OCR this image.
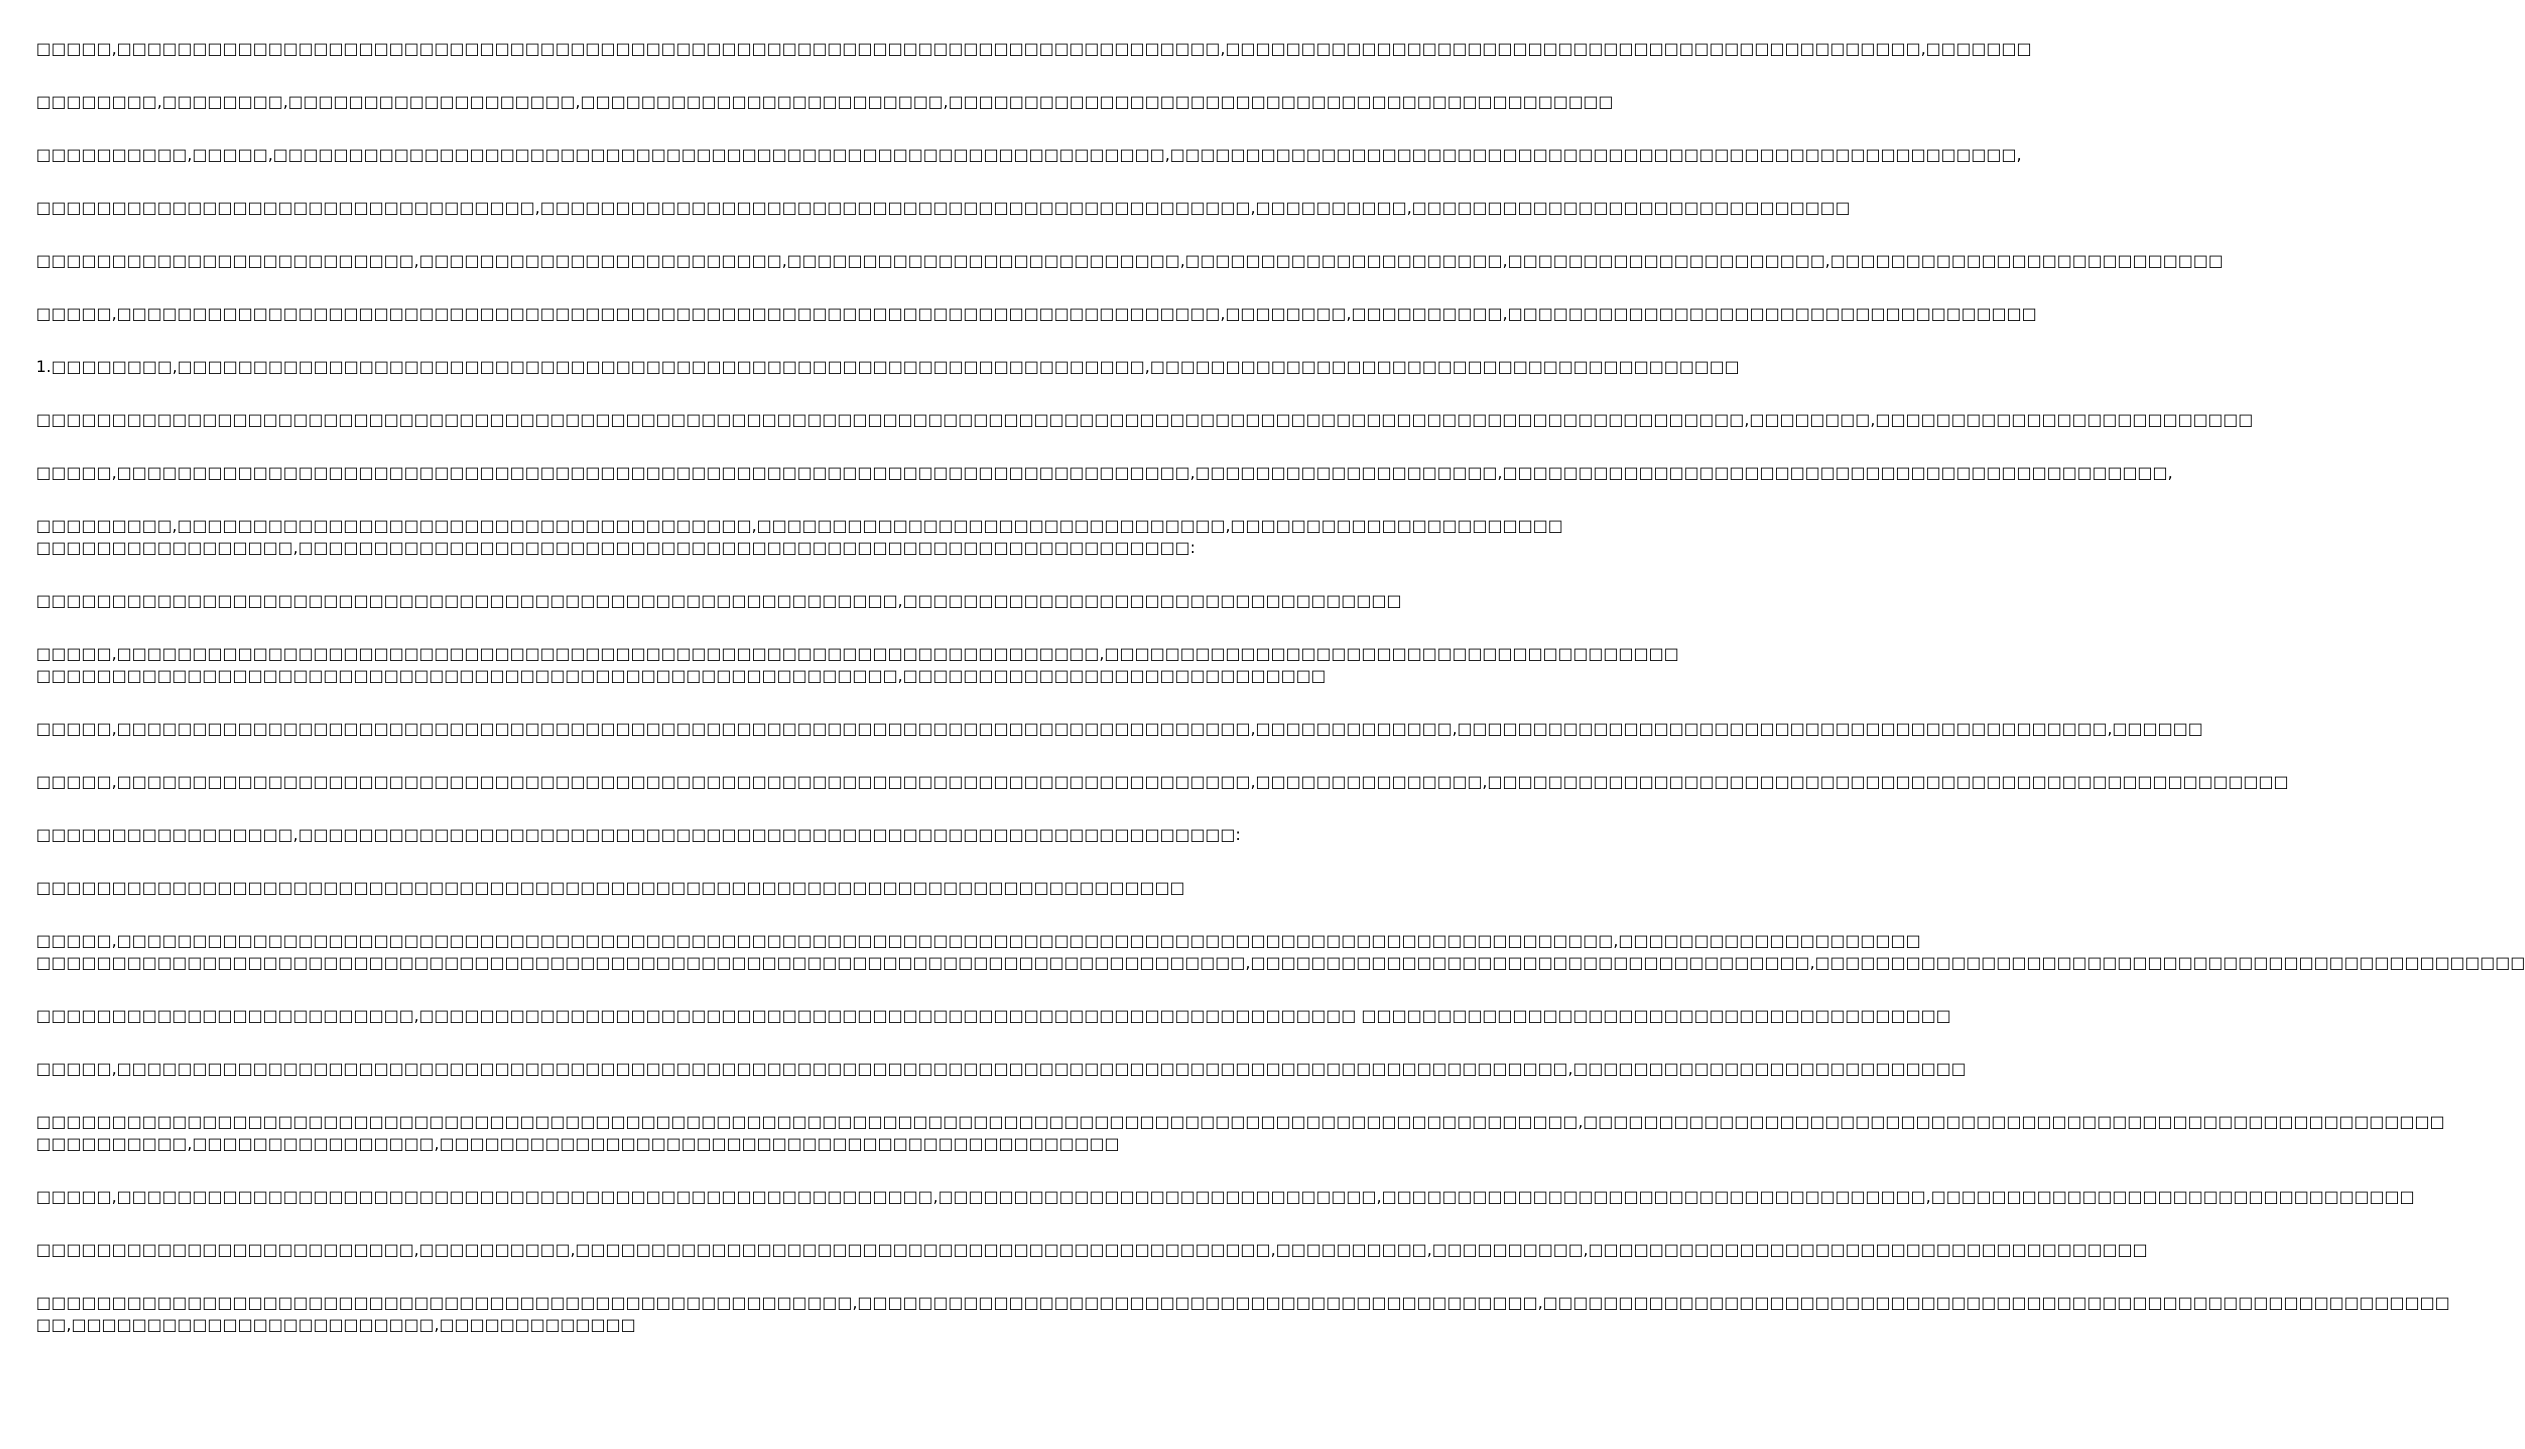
□□□□□,□□□□□□□□□□□□□□□□□□□□□□□□□□□□□□□□□□□□□□□□□□□□□□□□□□□□□□□□□□□□□□□□□□□□□□□□□,□□□□□□□□□□□□□□□□□□□□□□□□□□□□□□□□□□□□□□□□□□□□□□,□□□□□□□

□□□□□□□□,□□□□□□□□,□□□□□□□□□□□□□□□□□□□,□□□□□□□□□□□□□□□□□□□□□□□□,□□□□□□□□□□□□□□□□□□□□□□□□□□□□□□□□□□□□□□□□□□□□

□□□□□□□□□□,□□□□□,□□□□□□□□□□□□□□□□□□□□□□□□□□□□□□□□□□□□□□□□□□□□□□□□□□□□□□□□□□□,□□□□□□□□□□□□□□□□□□□□□□□□□□□□□□□□□□□□□□□□□□□□□□□□□□□□□□□□,

□□□□□□□□□□□□□□□□□□□□□□□□□□□□□□□□□,□□□□□□□□□□□□□□□□□□□□□□□□□□□□□□□□□□□□□□□□□□□□□□□,□□□□□□□□□□,□□□□□□□□□□□□□□□□□□□□□□□□□□□□□

□□□□□□□□□□□□□□□□□□□□□□□□□,□□□□□□□□□□□□□□□□□□□□□□□□,□□□□□□□□□□□□□□□□□□□□□□□□□□,□□□□□□□□□□□□□□□□□□□□□,□□□□□□□□□□□□□□□□□□□□□,□□□□□□□□□□□□□□□□□□□□□□□□□□

□□□□□,□□□□□□□□□□□□□□□□□□□□□□□□□□□□□□□□□□□□□□□□□□□□□□□□□□□□□□□□□□□□□□□□□□□□□□□□□,□□□□□□□□,□□□□□□□□□□,□□□□□□□□□□□□□□□□□□□□□□□□□□□□□□□□□□□

1.□□□□□□□□,□□□□□□□□□□□□□□□□□□□□□□□□□□□□□□□□□□□□□□□□□□□□□□□□□□□□□□□□□□□□□□□□,□□□□□□□□□□□□□□□□□□□□□□□□□□□□□□□□□□□□□□□

□□□□□□□□□□□□□□□□□□□□□□□□□□□□□□□□□□□□□□□□□□□□□□□□□□□□□□□□□□□□□□□□□□□□□□□□□□□□□□□□□□□□□□□□□□□□□□□□□□□□□□□□□□□□□□□□□,□□□□□□□□,□□□□□□□□□□□□□□□□□□□□□□□□□

□□□□□,□□□□□□□□□□□□□□□□□□□□□□□□□□□□□□□□□□□□□□□□□□□□□□□□□□□□□□□□□□□□□□□□□□□□□□□,□□□□□□□□□□□□□□□□□□□□,□□□□□□□□□□□□□□□□□□□□□□□□□□□□□□□□□□□□□□□□□□□□,

□□□□□□□□□,□□□□□□□□□□□□□□□□□□□□□□□□□□□□□□□□□□□□□□,□□□□□□□□□□□□□□□□□□□□□□□□□□□□□□□,□□□□□□□□□□□□□□□□□□□□□□
□□□□□□□□□□□□□□□□□,□□□□□□□□□□□□□□□□□□□□□□□□□□□□□□□□□□□□□□□□□□□□□□□□□□□□□□□□□□□:

□□□□□□□□□□□□□□□□□□□□□□□□□□□□□□□□□□□□□□□□□□□□□□□□□□□□□□□□□,□□□□□□□□□□□□□□□□□□□□□□□□□□□□□□□□□

□□□□□,□□□□□□□□□□□□□□□□□□□□□□□□□□□□□□□□□□□□□□□□□□□□□□□□□□□□□□□□□□□□□□□□□,□□□□□□□□□□□□□□□□□□□□□□□□□□□□□□□□□□□□□□
□□□□□□□□□□□□□□□□□□□□□□□□□□□□□□□□□□□□□□□□□□□□□□□□□□□□□□□□□,□□□□□□□□□□□□□□□□□□□□□□□□□□□□

□□□□□,□□□□□□□□□□□□□□□□□□□□□□□□□□□□□□□□□□□□□□□□□□□□□□□□□□□□□□□□□□□□□□□□□□□□□□□□□□□,□□□□□□□□□□□□□,□□□□□□□□□□□□□□□□□□□□□□□□□□□□□□□□□□□□□□□□□□□,□□□□□□

□□□□□,□□□□□□□□□□□□□□□□□□□□□□□□□□□□□□□□□□□□□□□□□□□□□□□□□□□□□□□□□□□□□□□□□□□□□□□□□□□,□□□□□□□□□□□□□□□,□□□□□□□□□□□□□□□□□□□□□□□□□□□□□□□□□□□□□□□□□□□□□□□□□□□□□

□□□□□□□□□□□□□□□□□,□□□□□□□□□□□□□□□□□□□□□□□□□□□□□□□□□□□□□□□□□□□□□□□□□□□□□□□□□□□□□□:

□□□□□□□□□□□□□□□□□□□□□□□□□□□□□□□□□□□□□□□□□□□□□□□□□□□□□□□□□□□□□□□□□□□□□□□□□□□□

□□□□□,□□□□□□□□□□□□□□□□□□□□□□□□□□□□□□□□□□□□□□□□□□□□□□□□□□□□□□□□□□□□□□□□□□□□□□□□□□□□□□□□□□□□□□□□□□□□□□□□□□□,□□□□□□□□□□□□□□□□□□□□
□□□□□□□□□□□□□□□□□□□□□□□□□□□□□□□□□□□□□□□□□□□□□□□□□□□□□□□□□□□□□□□□□□□□□□□□□□□□□□□□,□□□□□□□□□□□□□□□□□□□□□□□□□□□□□□□□□□□□□,□□□□□□□□□□□□□□□□□□□□□□□□□□□□□□□□□□□□□□□□□□□□□□□

□□□□□□□□□□□□□□□□□□□□□□□□□,□□□□□□□□□□□□□□□□□□□□□□□□□□□□□□□□□□□□□□□□□□□□□□□□□□□□□□□□□□□□□□ □□□□□□□□□□□□□□□□□□□□□□□□□□□□□□□□□□□□□□□

□□□□□,□□□□□□□□□□□□□□□□□□□□□□□□□□□□□□□□□□□□□□□□□□□□□□□□□□□□□□□□□□□□□□□□□□□□□□□□□□□□□□□□□□□□□□□□□□□□□□□□,□□□□□□□□□□□□□□□□□□□□□□□□□□

□□□□□□□□□□□□□□□□□□□□□□□□□□□□□□□□□□□□□□□□□□□□□□□□□□□□□□□□□□□□□□□□□□□□□□□□□□□□□□□□□□□□□□□□□□□□□□□□□□□□□□,□□□□□□□□□□□□□□□□□□□□□□□□□□□□□□□□□□□□□□□□□□□□□□□□□□□□□□□□□
□□□□□□□□□□,□□□□□□□□□□□□□□□□,□□□□□□□□□□□□□□□□□□□□□□□□□□□□□□□□□□□□□□□□□□□□□

□□□□□,□□□□□□□□□□□□□□□□□□□□□□□□□□□□□□□□□□□□□□□□□□□□□□□□□□□□□□,□□□□□□□□□□□□□□□□□□□□□□□□□□□□□,□□□□□□□□□□□□□□□□□□□□□□□□□□□□□□□□□□□□,□□□□□□□□□□□□□□□□□□□□□□□□□□□□□□□□

□□□□□□□□□□□□□□□□□□□□□□□□□,□□□□□□□□□□,□□□□□□□□□□□□□□□□□□□□□□□□□□□□□□□□□□□□□□□□□□□□□□,□□□□□□□□□□,□□□□□□□□□□,□□□□□□□□□□□□□□□□□□□□□□□□□□□□□□□□□□□□□

□□□□□□□□□□□□□□□□□□□□□□□□□□□□□□□□□□□□□□□□□□□□□□□□□□□□□□,□□□□□□□□□□□□□□□□□□□□□□□□□□□□□□□□□□□□□□□□□□□□□,□□□□□□□□□□□□□□□□□□□□□□□□□□□□□□□□□□□□□□□□□□□□□□□□□□□□□□□□□□□□
□□,□□□□□□□□□□□□□□□□□□□□□□□□,□□□□□□□□□□□□□
